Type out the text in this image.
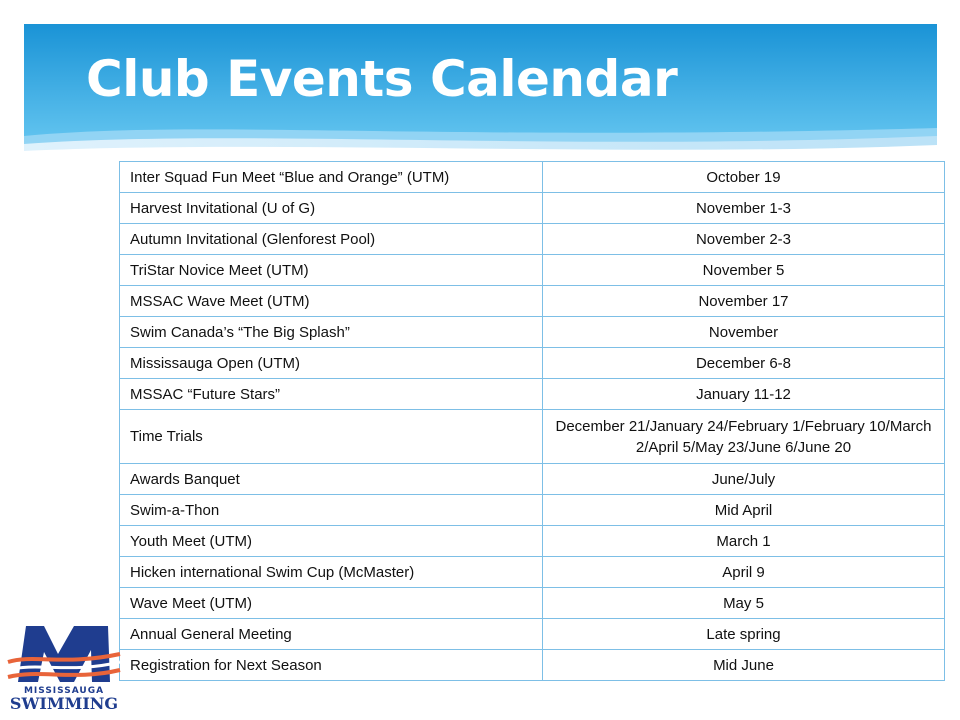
Club Events Calendar
Inter Squad Fun Meet “Blue and Orange” (UTM)	October 19
Harvest Invitational (U of G)	November 1-3
Autumn Invitational (Glenforest Pool)	November 2-3
TriStar Novice Meet (UTM)	November 5
MSSAC Wave Meet (UTM)	November 17
Swim Canada’s “The Big Splash”	November
Mississauga Open (UTM)	December 6-8
MSSAC “Future Stars”	January 11-12
Time Trials	December 21/January 24/February 1/February 10/March 2/April 5/May 23/June 6/June 20
Awards Banquet	June/July
Swim-a-Thon	Mid April
Youth Meet (UTM)	March 1
Hicken international Swim Cup (McMaster)	April 9
Wave Meet (UTM)	May 5
Annual General Meeting	Late spring
Registration for Next Season	Mid June
MISSISSAUGA
SWIMMING
